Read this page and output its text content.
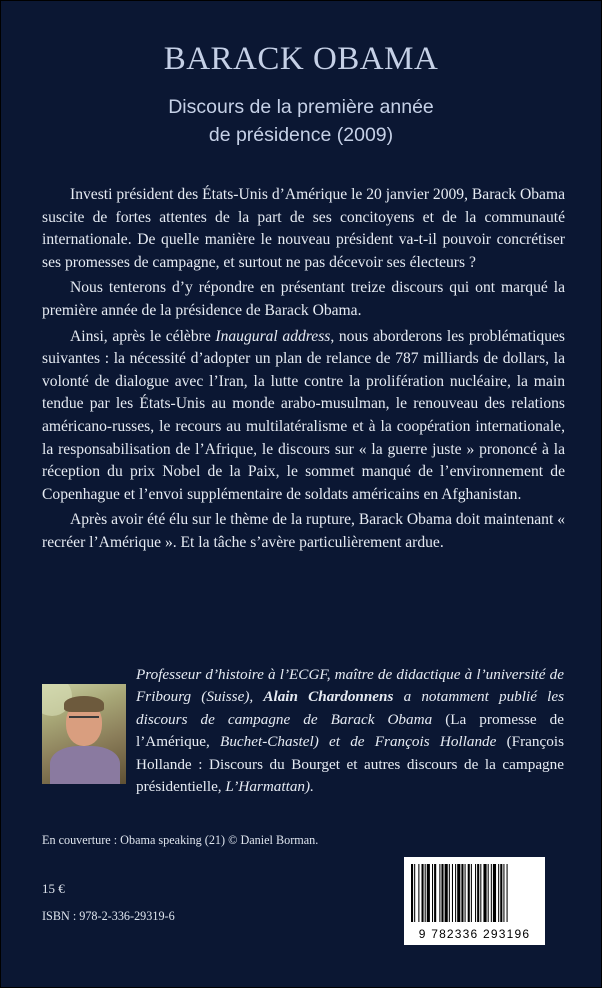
BARACK OBAMA
Discours de la première année
de présidence (2009)

Investi président des États-Unis d’Amérique le 20 janvier 2009, Barack Obama suscite de fortes attentes de la part de ses concitoyens et de la communauté internationale. De quelle manière le nouveau président va-t-il pouvoir concrétiser ses promesses de campagne, et surtout ne pas décevoir ses électeurs ?

Nous tenterons d’y répondre en présentant treize discours qui ont marqué la première année de la présidence de Barack Obama.

Ainsi, après le célèbre Inaugural address, nous aborderons les problématiques suivantes : la nécessité d’adopter un plan de relance de 787 milliards de dollars, la volonté de dialogue avec l’Iran, la lutte contre la prolifération nucléaire, la main tendue par les États-Unis au monde arabo-musulman, le renouveau des relations américano-russes, le recours au multilatéralisme et à la coopération internationale, la responsabilisation de l’Afrique, le discours sur « la guerre juste » prononcé à la réception du prix Nobel de la Paix, le sommet manqué de l’environnement de Copenhague et l’envoi supplémentaire de soldats américains en Afghanistan.

Après avoir été élu sur le thème de la rupture, Barack Obama doit maintenant « recréer l’Amérique ». Et la tâche s’avère particulièrement ardue.

Professeur d’histoire à l’ECGF, maître de didactique à l’université de Fribourg (Suisse), Alain Chardonnens a notamment publié les discours de campagne de Barack Obama (La promesse de l’Amérique, Buchet-Chastel) et de François Hollande (François Hollande : Discours du Bourget et autres discours de la campagne présidentielle, L’Harmattan).
En couverture : Obama speaking (21) © Daniel Borman.
15 €
ISBN : 978-2-336-29319-6
9 782336 293196
